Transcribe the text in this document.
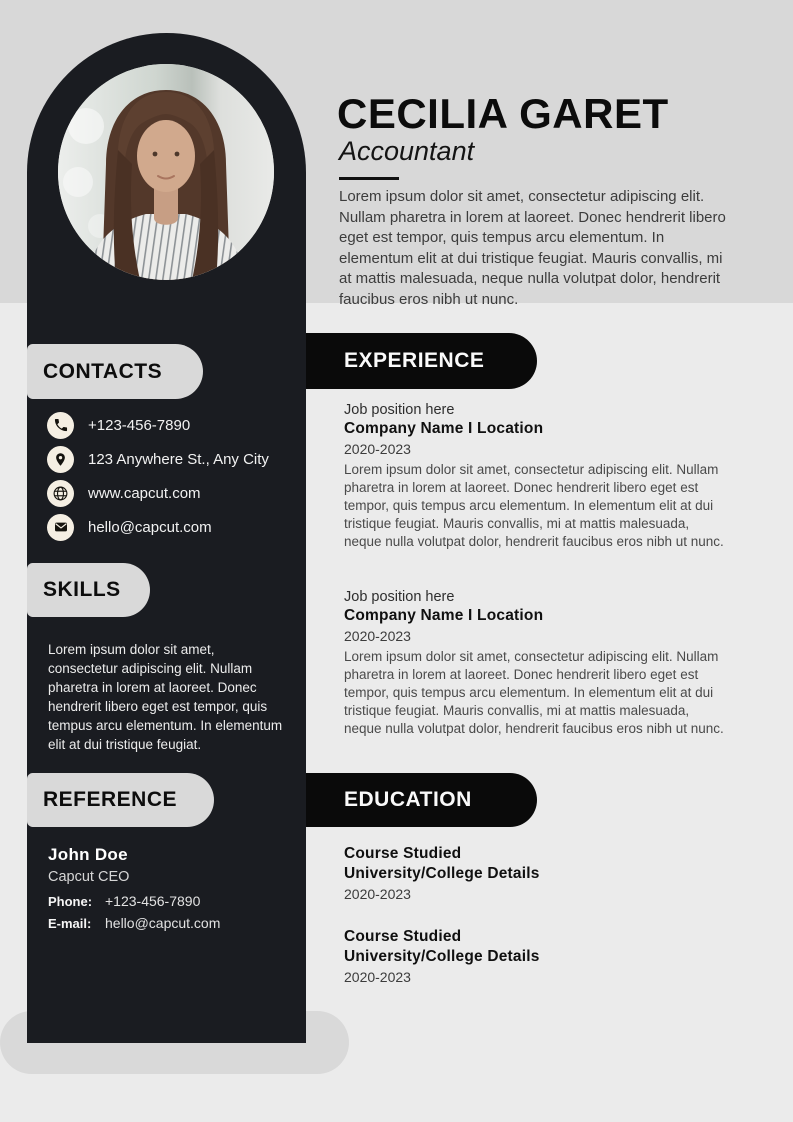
CECILIA GARET
Accountant
Lorem ipsum dolor sit amet, consectetur adipiscing elit. Nullam pharetra in lorem at laoreet. Donec hendrerit libero eget est tempor, quis tempus arcu elementum. In elementum elit at dui tristique feugiat. Mauris convallis, mi at mattis malesuada, neque nulla volutpat dolor, hendrerit faucibus eros nibh ut nunc.
CONTACTS
+123-456-7890
123 Anywhere St., Any City
www.capcut.com
hello@capcut.com
SKILLS
Lorem ipsum dolor sit amet, consectetur adipiscing elit. Nullam pharetra in lorem at laoreet. Donec hendrerit libero eget est tempor, quis tempus arcu elementum. In elementum elit at dui tristique feugiat.
REFERENCE
John Doe
Capcut CEO
Phone: +123-456-7890
E-mail: hello@capcut.com
EXPERIENCE
Job position here
Company Name I Location
2020-2023
Lorem ipsum dolor sit amet, consectetur adipiscing elit. Nullam pharetra in lorem at laoreet. Donec hendrerit libero eget est tempor, quis tempus arcu elementum. In elementum elit at dui tristique feugiat. Mauris convallis, mi at mattis malesuada, neque nulla volutpat dolor, hendrerit faucibus eros nibh ut nunc.
Job position here
Company Name I Location
2020-2023
Lorem ipsum dolor sit amet, consectetur adipiscing elit. Nullam pharetra in lorem at laoreet. Donec hendrerit libero eget est tempor, quis tempus arcu elementum. In elementum elit at dui tristique feugiat. Mauris convallis, mi at mattis malesuada, neque nulla volutpat dolor, hendrerit faucibus eros nibh ut nunc.
EDUCATION
Course Studied
University/College Details
2020-2023
Course Studied
University/College Details
2020-2023
